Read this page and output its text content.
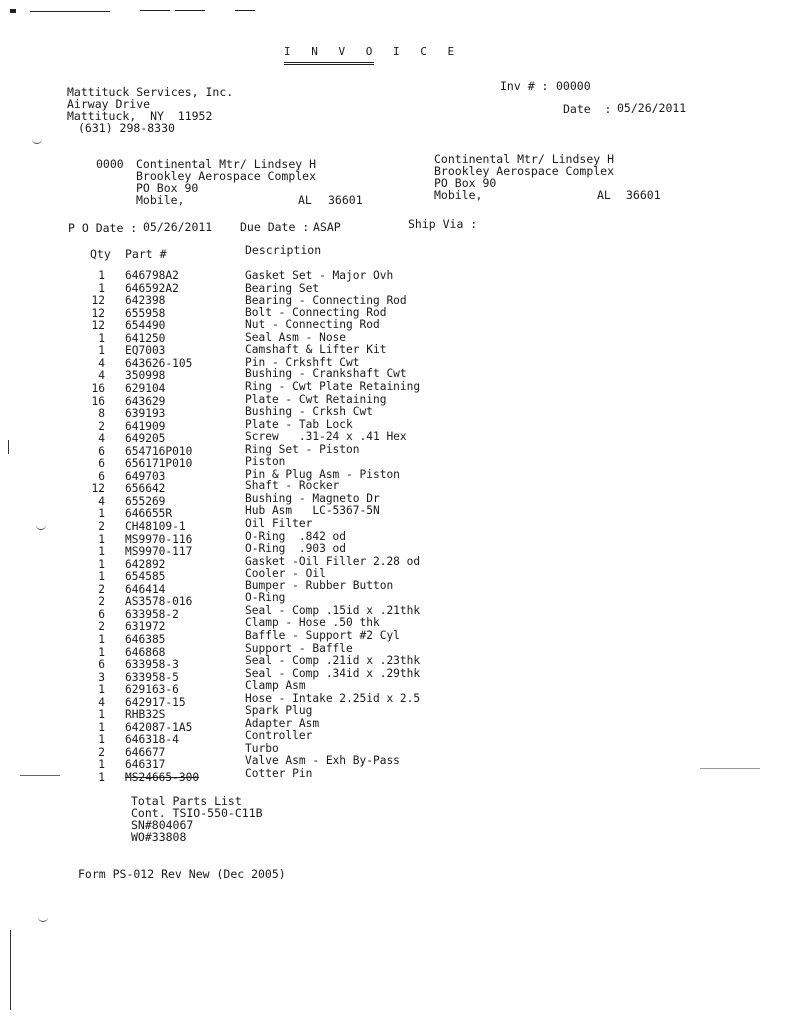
I N V O I C E
Mattituck Services, Inc.
Airway Drive
Mattituck,  NY  11952
(631) 298-8330
Inv # : 00000
Date  : 05/26/2011
0000 Continental Mtr/ Lindsey H
Brookley Aerospace Complex
PO Box 90
Mobile,	AL 36601
Continental Mtr/ Lindsey H
Brookley Aerospace Complex
PO Box 90
Mobile,	AL 36601
P O Date : 05/26/2011 Due Date : ASAP	Ship Via :
Qty Part #	Description
1 646798A2	Gasket Set - Major Ovh
1 646592A2	Bearing Set
12 642398	Bearing - Connecting Rod
12 655958	Bolt - Connecting Rod
12 654490	Nut - Connecting Rod
1 641250	Seal Asm - Nose
1 EQ7003	Camshaft & Lifter Kit
4 643626-105	Pin - Crkshft Cwt
4 350998	Bushing - Crankshaft Cwt
16 629104	Ring - Cwt Plate Retaining
16 643629	Plate - Cwt Retaining
8 639193	Bushing - Crksh Cwt
2 641909	Plate - Tab Lock
4 649205	Screw   .31-24 x .41 Hex
6 654716P010	Ring Set - Piston
6 656171P010	Piston
6 649703	Pin & Plug Asm - Piston
12 656642	Shaft - Rocker
4 655269	Bushing - Magneto Dr
1 646655R	Hub Asm   LC-5367-5N
2 CH48109-1	Oil Filter
1 MS9970-116	O-Ring  .842 od
1 MS9970-117	O-Ring  .903 od
1 642892	Gasket -Oil Filler 2.28 od
1 654585	Cooler - Oil
2 646414	Bumper - Rubber Button
2 AS3578-016	O-Ring
6 633958-2	Seal - Comp .15id x .21thk
2 631972	Clamp - Hose .50 thk
1 646385	Baffle - Support #2 Cyl
1 646868	Support - Baffle
6 633958-3	Seal - Comp .21id x .23thk
3 633958-5	Seal - Comp .34id x .29thk
1 629163-6	Clamp Asm
4 642917-15	Hose - Intake 2.25id x 2.5
1 RHB32S	Spark Plug
1 642087-1A5	Adapter Asm
1 646318-4	Controller
2 646677	Turbo
1 646317	Valve Asm - Exh By-Pass
1 MS24665-300	Cotter Pin
Total Parts List
Cont. TSIO-550-C11B
SN#804067
WO#33808
Form PS-012 Rev New (Dec 2005)
